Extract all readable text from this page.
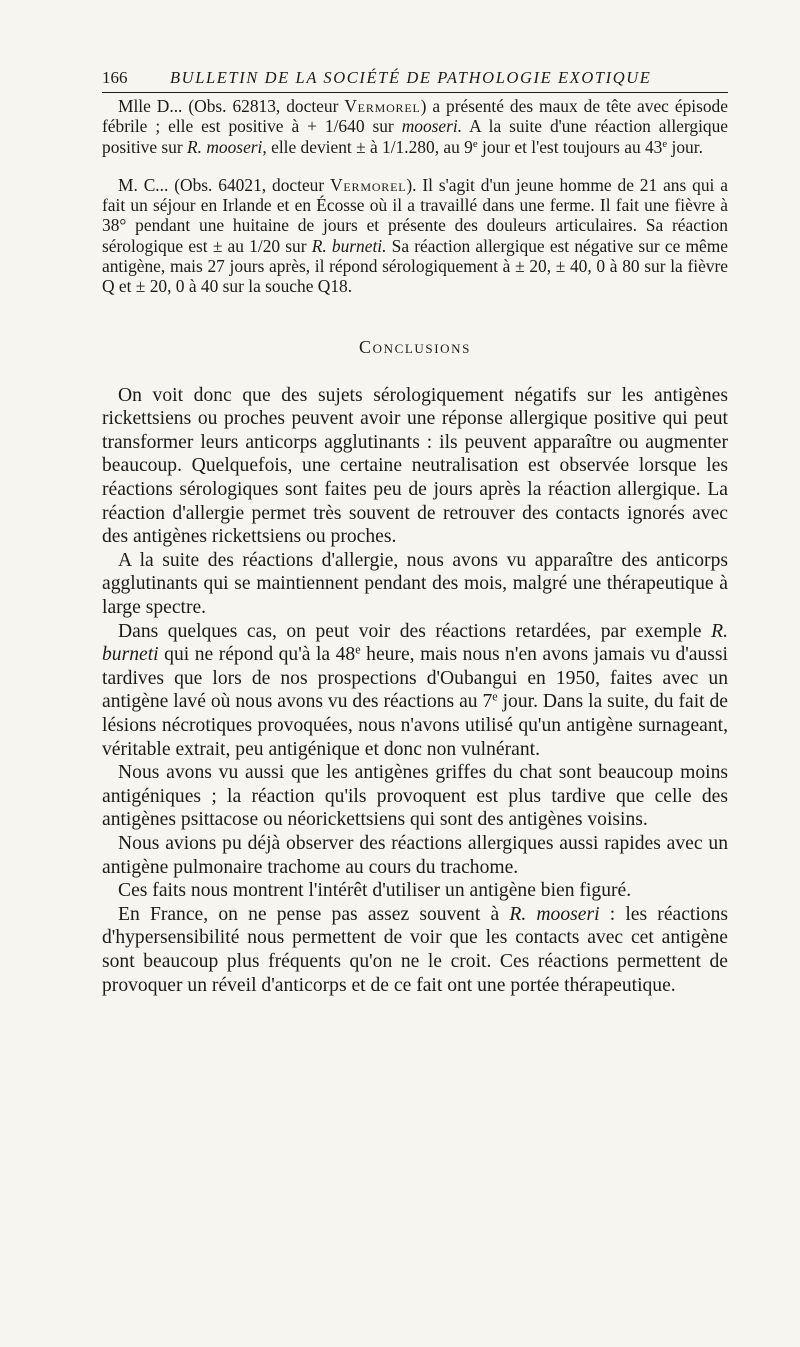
166	BULLETIN DE LA SOCIÉTÉ DE PATHOLOGIE EXOTIQUE

Mlle D... (Obs. 62813, docteur Vermorel) a présenté des maux de tête avec épisode fébrile ; elle est positive à + 1/640 sur mooseri. A la suite d'une réaction allergique positive sur R. mooseri, elle devient ± à 1/1.280, au 9e jour et l'est toujours au 43e jour.

M. C... (Obs. 64021, docteur Vermorel). Il s'agit d'un jeune homme de 21 ans qui a fait un séjour en Irlande et en Écosse où il a travaillé dans une ferme. Il fait une fièvre à 38° pendant une huitaine de jours et présente des douleurs articulaires. Sa réaction sérologique est ± au 1/20 sur R. burneti. Sa réaction allergique est négative sur ce même antigène, mais 27 jours après, il répond sérologiquement à ± 20, ± 40, 0 à 80 sur la fièvre Q et ± 20, 0 à 40 sur la souche Q18.

Conclusions

On voit donc que des sujets sérologiquement négatifs sur les antigènes rickettsiens ou proches peuvent avoir une réponse allergique positive qui peut transformer leurs anticorps agglutinants : ils peuvent apparaître ou augmenter beaucoup. Quelquefois, une certaine neutralisation est observée lorsque les réactions sérologiques sont faites peu de jours après la réaction allergique. La réaction d'allergie permet très souvent de retrouver des contacts ignorés avec des antigènes rickettsiens ou proches.

A la suite des réactions d'allergie, nous avons vu apparaître des anticorps agglutinants qui se maintiennent pendant des mois, malgré une thérapeutique à large spectre.

Dans quelques cas, on peut voir des réactions retardées, par exemple R. burneti qui ne répond qu'à la 48e heure, mais nous n'en avons jamais vu d'aussi tardives que lors de nos prospections d'Oubangui en 1950, faites avec un antigène lavé où nous avons vu des réactions au 7e jour. Dans la suite, du fait de lésions nécrotiques provoquées, nous n'avons utilisé qu'un antigène surnageant, véritable extrait, peu antigénique et donc non vulnérant.

Nous avons vu aussi que les antigènes griffes du chat sont beaucoup moins antigéniques ; la réaction qu'ils provoquent est plus tardive que celle des antigènes psittacose ou néorickettsiens qui sont des antigènes voisins.

Nous avions pu déjà observer des réactions allergiques aussi rapides avec un antigène pulmonaire trachome au cours du trachome.

Ces faits nous montrent l'intérêt d'utiliser un antigène bien figuré.

En France, on ne pense pas assez souvent à R. mooseri : les réactions d'hypersensibilité nous permettent de voir que les contacts avec cet antigène sont beaucoup plus fréquents qu'on ne le croit. Ces réactions permettent de provoquer un réveil d'anticorps et de ce fait ont une portée thérapeutique.
